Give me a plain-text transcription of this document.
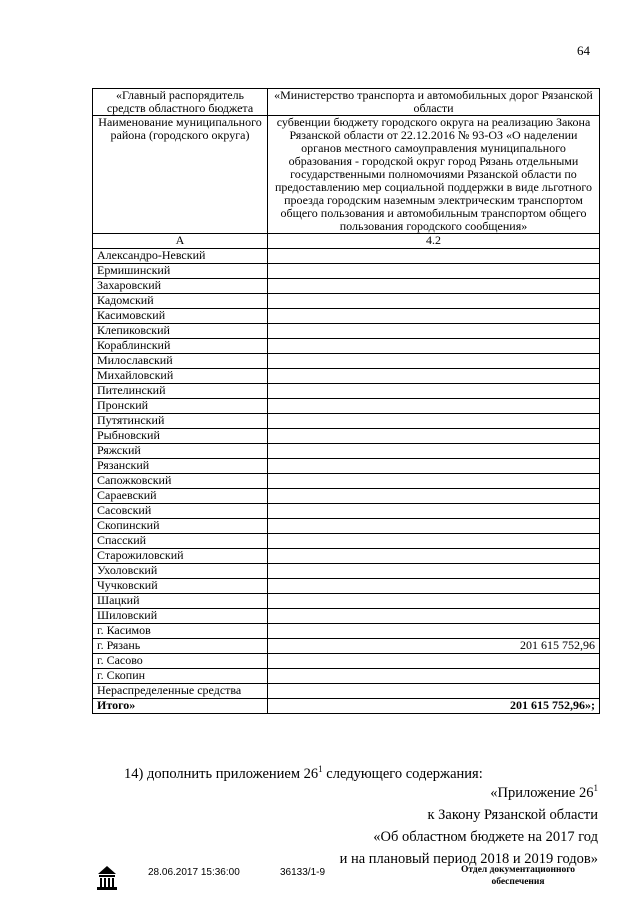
64
«Главный распорядитель средств областного бюджета	«Министерство транспорта и автомобильных дорог Рязанской области
Наименование муниципального района (городского округа)	субвенции бюджету городского округа на реализацию Закона Рязанской области от 22.12.2016 № 93-ОЗ «О наделении органов местного самоуправления муниципального образования - городской округ город Рязань отдельными государственными полномочиями Рязанской области по предоставлению мер социальной поддержки в виде льготного проезда городским наземным электрическим транспортом общего пользования и автомобильным транспортом общего пользования городского сообщения»
А	4.2
Александро-Невский	
Ермишинский	
Захаровский	
Кадомский	
Касимовский	
Клепиковский	
Кораблинский	
Милославский	
Михайловский	
Пителинский	
Пронский	
Путятинский	
Рыбновский	
Ряжский	
Рязанский	
Сапожковский	
Сараевский	
Сасовский	
Скопинский	
Спасский	
Старожиловский	
Ухоловский	
Чучковский	
Шацкий	
Шиловский	
г. Касимов	
г. Рязань	201 615 752,96
г. Сасово	
г. Скопин	
Нераспределенные средства	
Итого»	201 615 752,96»;
14) дополнить приложением $26^1$ следующего содержания:
«Приложение $26^1$
к Закону Рязанской области
«Об областном бюджете на 2017 год
и на плановый период 2018 и 2019 годов»
28.06.2017 15:36:00	36133/1-9	Отдел документационного
обеспечения
